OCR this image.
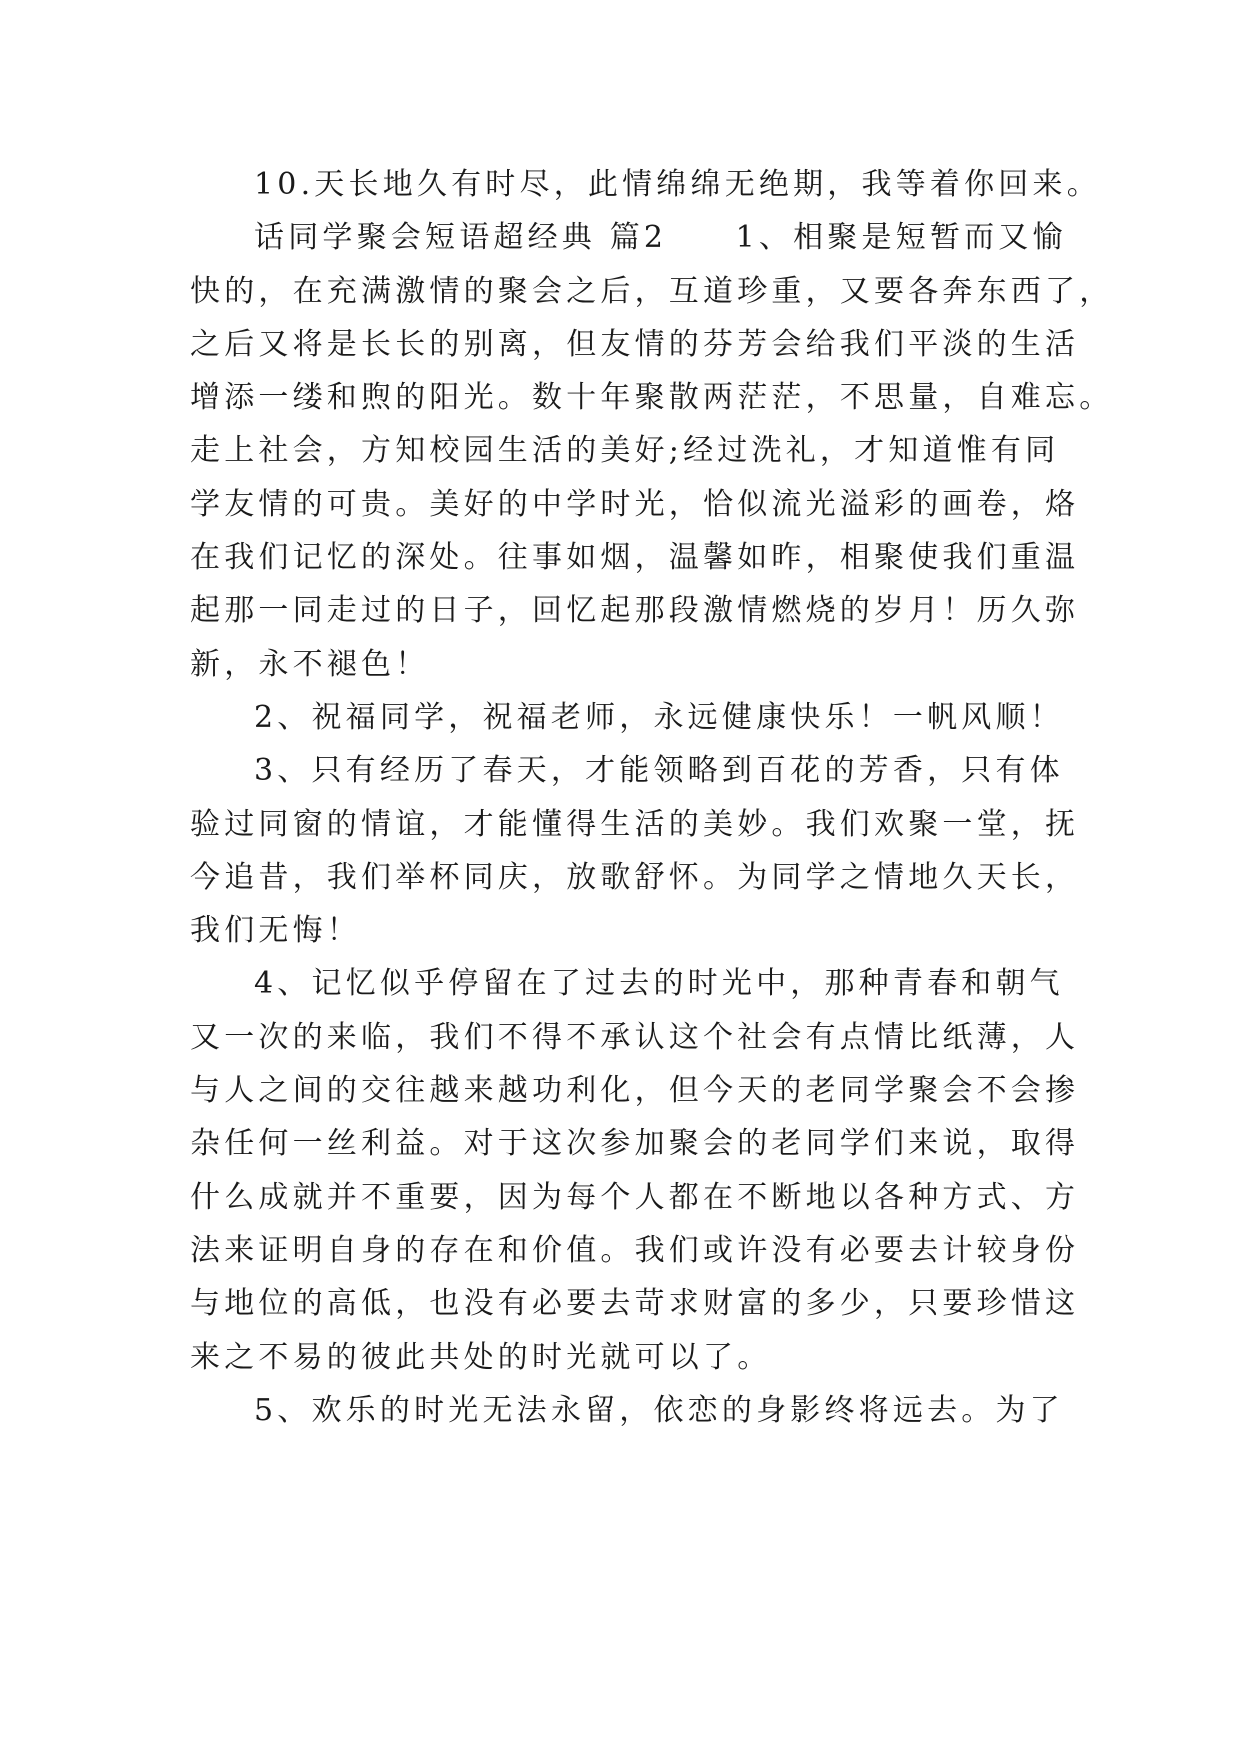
10.天长地久有时尽，此情绵绵无绝期，我等着你回来。
话同学聚会短语超经典 篇2　　1、相聚是短暂而又愉
快的，在充满激情的聚会之后，互道珍重，又要各奔东西了，
之后又将是长长的别离，但友情的芬芳会给我们平淡的生活
增添一缕和煦的阳光。数十年聚散两茫茫，不思量，自难忘。
走上社会，方知校园生活的美好;经过洗礼，才知道惟有同
学友情的可贵。美好的中学时光，恰似流光溢彩的画卷，烙
在我们记忆的深处。往事如烟，温馨如昨，相聚使我们重温
起那一同走过的日子，回忆起那段激情燃烧的岁月！历久弥
新，永不褪色！
2、祝福同学，祝福老师，永远健康快乐！一帆风顺！
3、只有经历了春天，才能领略到百花的芳香，只有体
验过同窗的情谊，才能懂得生活的美妙。我们欢聚一堂，抚
今追昔，我们举杯同庆，放歌舒怀。为同学之情地久天长，
我们无悔！
4、记忆似乎停留在了过去的时光中，那种青春和朝气
又一次的来临，我们不得不承认这个社会有点情比纸薄，人
与人之间的交往越来越功利化，但今天的老同学聚会不会掺
杂任何一丝利益。对于这次参加聚会的老同学们来说，取得
什么成就并不重要，因为每个人都在不断地以各种方式、方
法来证明自身的存在和价值。我们或许没有必要去计较身份
与地位的高低，也没有必要去苛求财富的多少，只要珍惜这
来之不易的彼此共处的时光就可以了。
5、欢乐的时光无法永留，依恋的身影终将远去。为了
